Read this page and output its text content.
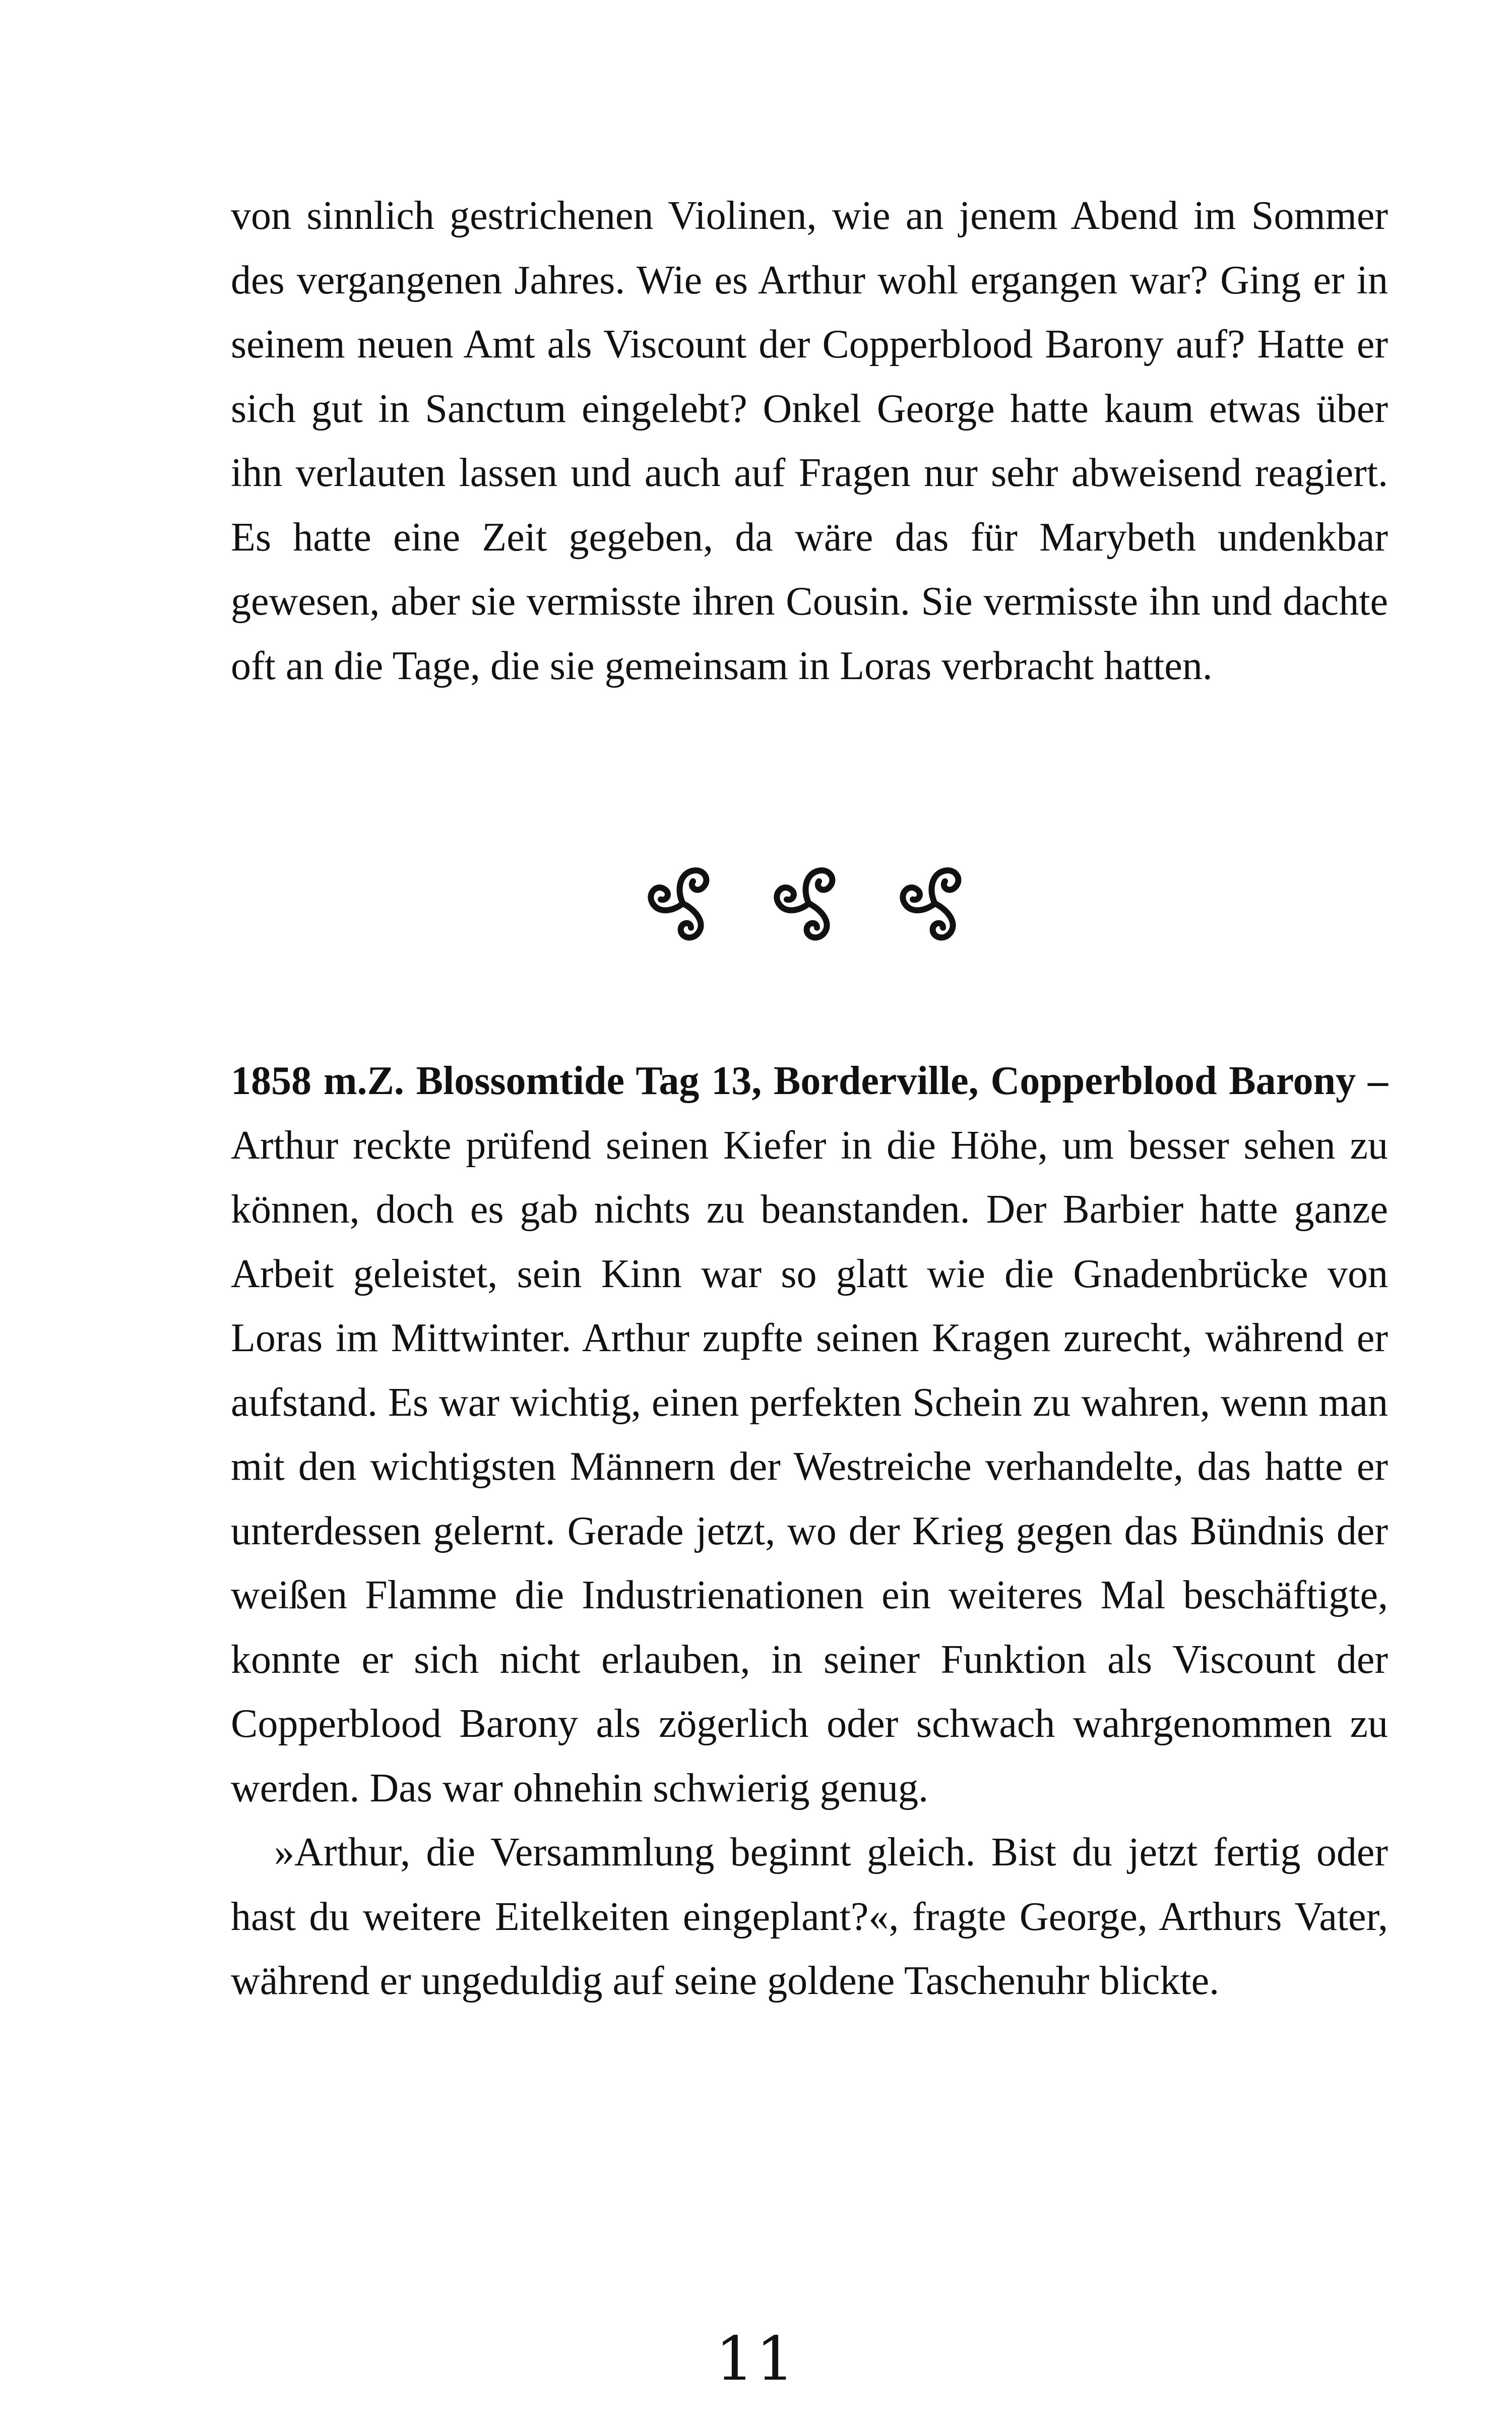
von sinnlich gestrichenen Violinen, wie an jenem Abend im Sommer des vergangenen Jahres. Wie es Arthur wohl ergangen war? Ging er in seinem neuen Amt als Viscount der Copperblood Barony auf? Hatte er sich gut in Sanctum eingelebt? Onkel George hatte kaum etwas über ihn verlauten lassen und auch auf Fragen nur sehr abweisend reagiert. Es hatte eine Zeit gegeben, da wäre das für Marybeth undenkbar gewesen, aber sie vermisste ihren Cousin. Sie vermisste ihn und dachte oft an die Tage, die sie gemeinsam in Loras verbracht hatten.

1858 m.Z. Blossomtide Tag 13, Borderville, Copperblood Barony – Arthur reckte prüfend seinen Kiefer in die Höhe, um besser sehen zu können, doch es gab nichts zu beanstanden. Der Barbier hatte ganze Arbeit geleistet, sein Kinn war so glatt wie die Gnadenbrücke von Loras im Mittwinter. Arthur zupfte seinen Kragen zurecht, während er aufstand. Es war wichtig, einen perfekten Schein zu wahren, wenn man mit den wichtigsten Männern der Westreiche verhandelte, das hatte er unterdessen gelernt. Gerade jetzt, wo der Krieg gegen das Bündnis der weißen Flamme die Industrienationen ein weiteres Mal beschäftigte, konnte er sich nicht erlauben, in seiner Funktion als Viscount der Copperblood Barony als zögerlich oder schwach wahrgenommen zu werden. Das war ohnehin schwierig genug.

»Arthur, die Versammlung beginnt gleich. Bist du jetzt fertig oder hast du weitere Eitelkeiten eingeplant?«, fragte George, Arthurs Vater, während er ungeduldig auf seine goldene Taschenuhr blickte.

11
